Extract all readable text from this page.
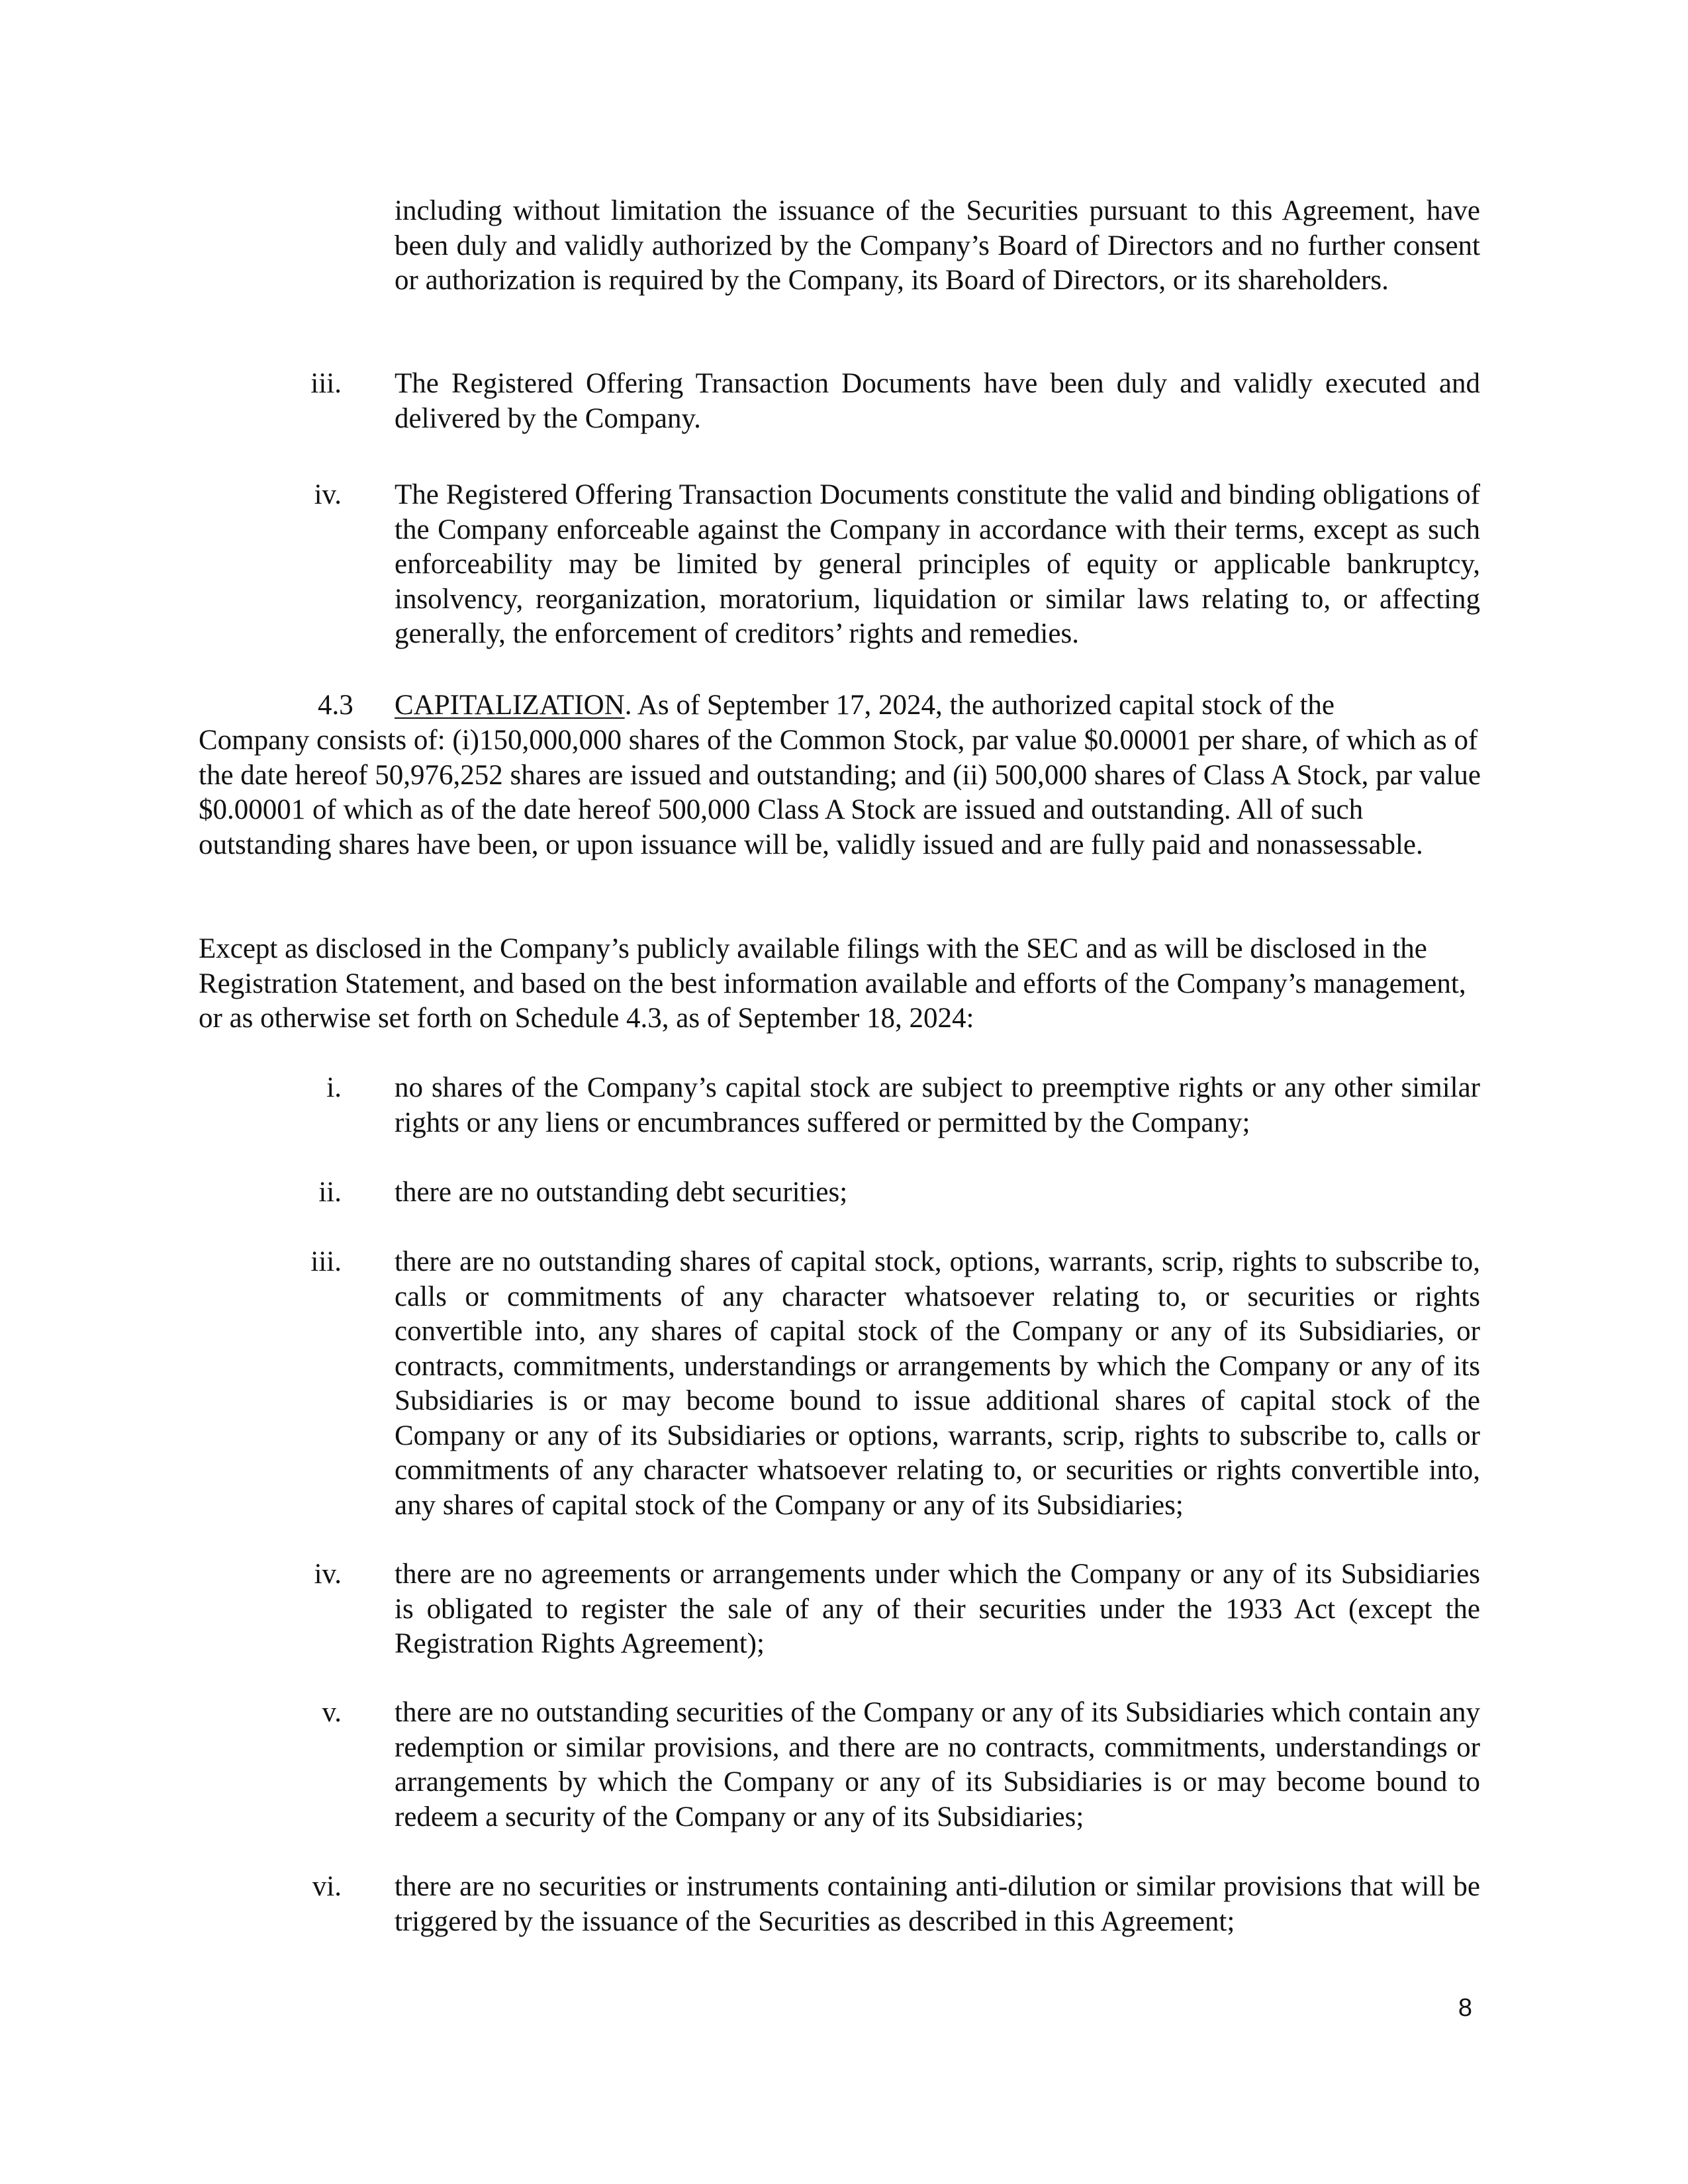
including without limitation the issuance of the Securities pursuant to this Agreement, have been duly and validly authorized by the Company’s Board of Directors and no further consent or authorization is required by the Company, its Board of Directors, or its shareholders.

iii. The Registered Offering Transaction Documents have been duly and validly executed and delivered by the Company.

iv. The Registered Offering Transaction Documents constitute the valid and binding obligations of the Company enforceable against the Company in accordance with their terms, except as such enforceability may be limited by general principles of equity or applicable bankruptcy, insolvency, reorganization, moratorium, liquidation or similar laws relating to, or affecting generally, the enforcement of creditors’ rights and remedies.

4.3 CAPITALIZATION. As of September 17, 2024, the authorized capital stock of the

Company consists of: (i)150,000,000 shares of the Common Stock, par value $0.00001 per share, of which as of the date hereof 50,976,252 shares are issued and outstanding; and (ii) 500,000 shares of Class A Stock, par value $0.00001 of which as of the date hereof 500,000 Class A Stock are issued and outstanding. All of such outstanding shares have been, or upon issuance will be, validly issued and are fully paid and nonassessable.

Except as disclosed in the Company’s publicly available filings with the SEC and as will be disclosed in the Registration Statement, and based on the best information available and efforts of the Company’s management, or as otherwise set forth on Schedule 4.3, as of September 18, 2024:

i. no shares of the Company’s capital stock are subject to preemptive rights or any other similar rights or any liens or encumbrances suffered or permitted by the Company;

ii. there are no outstanding debt securities;

iii. there are no outstanding shares of capital stock, options, warrants, scrip, rights to subscribe to, calls or commitments of any character whatsoever relating to, or securities or rights convertible into, any shares of capital stock of the Company or any of its Subsidiaries, or contracts, commitments, understandings or arrangements by which the Company or any of its Subsidiaries is or may become bound to issue additional shares of capital stock of the Company or any of its Subsidiaries or options, warrants, scrip, rights to subscribe to, calls or commitments of any character whatsoever relating to, or securities or rights convertible into, any shares of capital stock of the Company or any of its Subsidiaries;

iv. there are no agreements or arrangements under which the Company or any of its Subsidiaries is obligated to register the sale of any of their securities under the 1933 Act (except the Registration Rights Agreement);

v. there are no outstanding securities of the Company or any of its Subsidiaries which contain any redemption or similar provisions, and there are no contracts, commitments, understandings or arrangements by which the Company or any of its Subsidiaries is or may become bound to redeem a security of the Company or any of its Subsidiaries;

vi. there are no securities or instruments containing anti-dilution or similar provisions that will be triggered by the issuance of the Securities as described in this Agreement;

8
